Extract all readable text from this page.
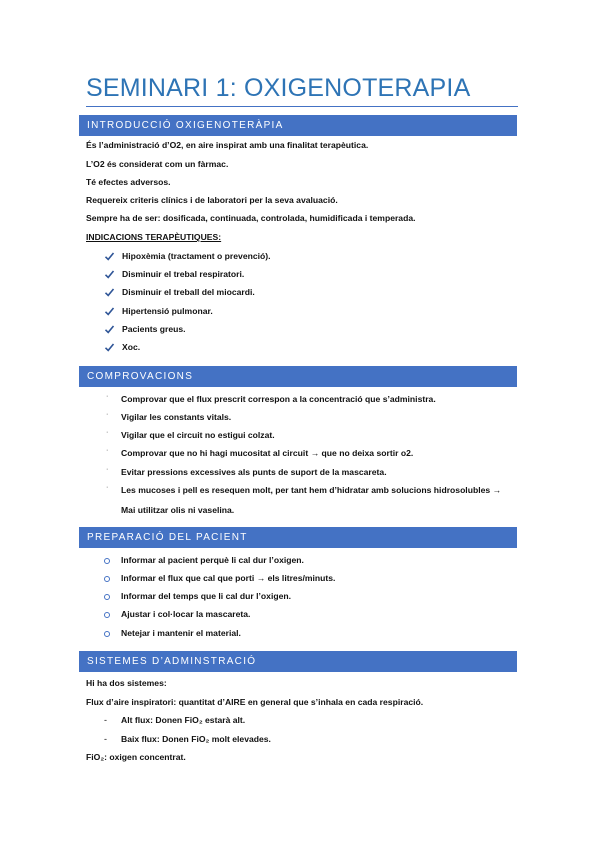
SEMINARI 1: OXIGENOTERAPIA
INTRODUCCIÓ OXIGENOTERÀPIA
És l’administració d’O2, en aire inspirat amb una finalitat terapèutica.
L’O2 és considerat com un fàrmac.
Té efectes adversos.
Requereix criteris clínics i de laboratori per la seva avaluació.
Sempre ha de ser: dosificada, continuada, controlada, humidificada i temperada.
INDICACIONS TERAPÈUTIQUES:
Hipoxèmia (tractament o prevenció).
Disminuir el trebal respiratori.
Disminuir el treball del miocardi.
Hipertensió pulmonar.
Pacients greus.
Xoc.
COMPROVACIONS
· Comprovar que el flux prescrit correspon a la concentració que s’administra.
· Vigilar les constants vitals.
· Vigilar que el circuit no estigui colzat.
· Comprovar que no hi hagi mucositat al circuit → que no deixa sortir o2.
· Evitar pressions excessives als punts de suport de la mascareta.
· Les mucoses i pell es resequen molt, per tant hem d’hidratar amb solucions hidrosolubles →
Mai utilitzar olis ni vaselina.
PREPARACIÓ DEL PACIENT
Informar al pacient perquè li cal dur l’oxigen.
Informar el flux que cal que porti → els litres/minuts.
Informar del temps que li cal dur l’oxigen.
Ajustar i col·locar la mascareta.
Netejar i mantenir el material.
SISTEMES D’ADMINSTRACIÓ
Hi ha dos sistemes:
Flux d’aire inspiratori: quantitat d’AIRE en general que s’inhala en cada respiració.
- Alt flux: Donen FiO₂ estarà alt.
- Baix flux: Donen FiO₂ molt elevades.
FiO₂: oxigen concentrat.
